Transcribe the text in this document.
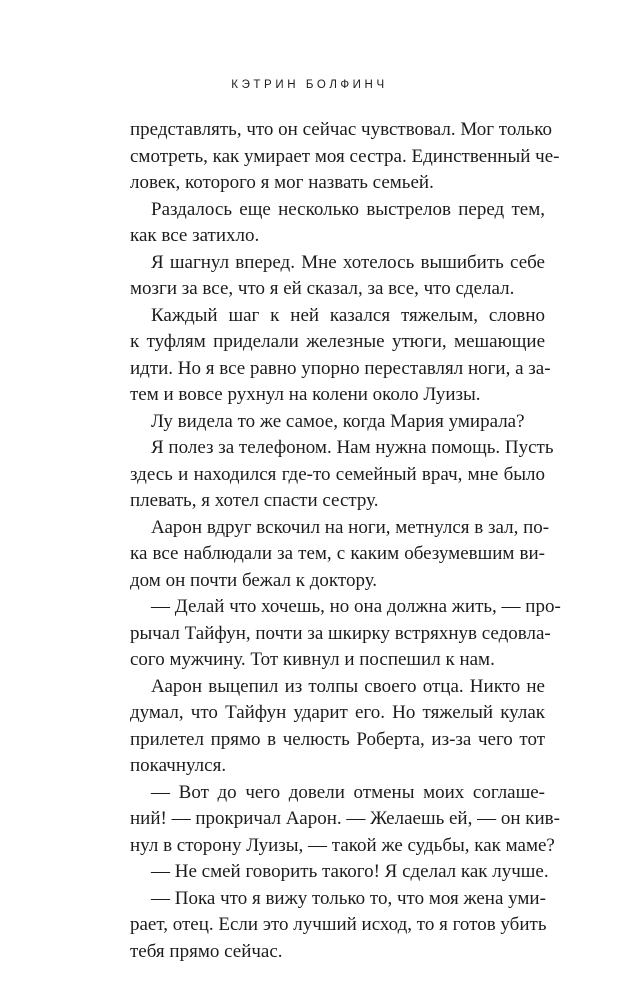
КЭТРИН БОЛФИНЧ
представлять, что он сейчас чувствовал. Мог только
смотреть, как умирает моя сестра. Единственный че-
ловек, которого я мог назвать семьей.
Раздалось еще несколько выстрелов перед тем,
как все затихло.
Я шагнул вперед. Мне хотелось вышибить себе
мозги за все, что я ей сказал, за все, что сделал.
Каждый шаг к ней казался тяжелым, словно
к туфлям приделали железные утюги, мешающие
идти. Но я все равно упорно переставлял ноги, а за-
тем и вовсе рухнул на колени около Луизы.
Лу видела то же самое, когда Мария умирала?
Я полез за телефоном. Нам нужна помощь. Пусть
здесь и находился где-то семейный врач, мне было
плевать, я хотел спасти сестру.
Аарон вдруг вскочил на ноги, метнулся в зал, по-
ка все наблюдали за тем, с каким обезумевшим ви-
дом он почти бежал к доктору.
— Делай что хочешь, но она должна жить, — про-
рычал Тайфун, почти за шкирку встряхнув седовла-
сого мужчину. Тот кивнул и поспешил к нам.
Аарон выцепил из толпы своего отца. Никто не
думал, что Тайфун ударит его. Но тяжелый кулак
прилетел прямо в челюсть Роберта, из-за чего тот
покачнулся.
— Вот до чего довели отмены моих соглаше-
ний! — прокричал Аарон. — Желаешь ей, — он кив-
нул в сторону Луизы, — такой же судьбы, как маме?
— Не смей говорить такого! Я сделал как лучше.
— Пока что я вижу только то, что моя жена уми-
рает, отец. Если это лучший исход, то я готов убить
тебя прямо сейчас.
